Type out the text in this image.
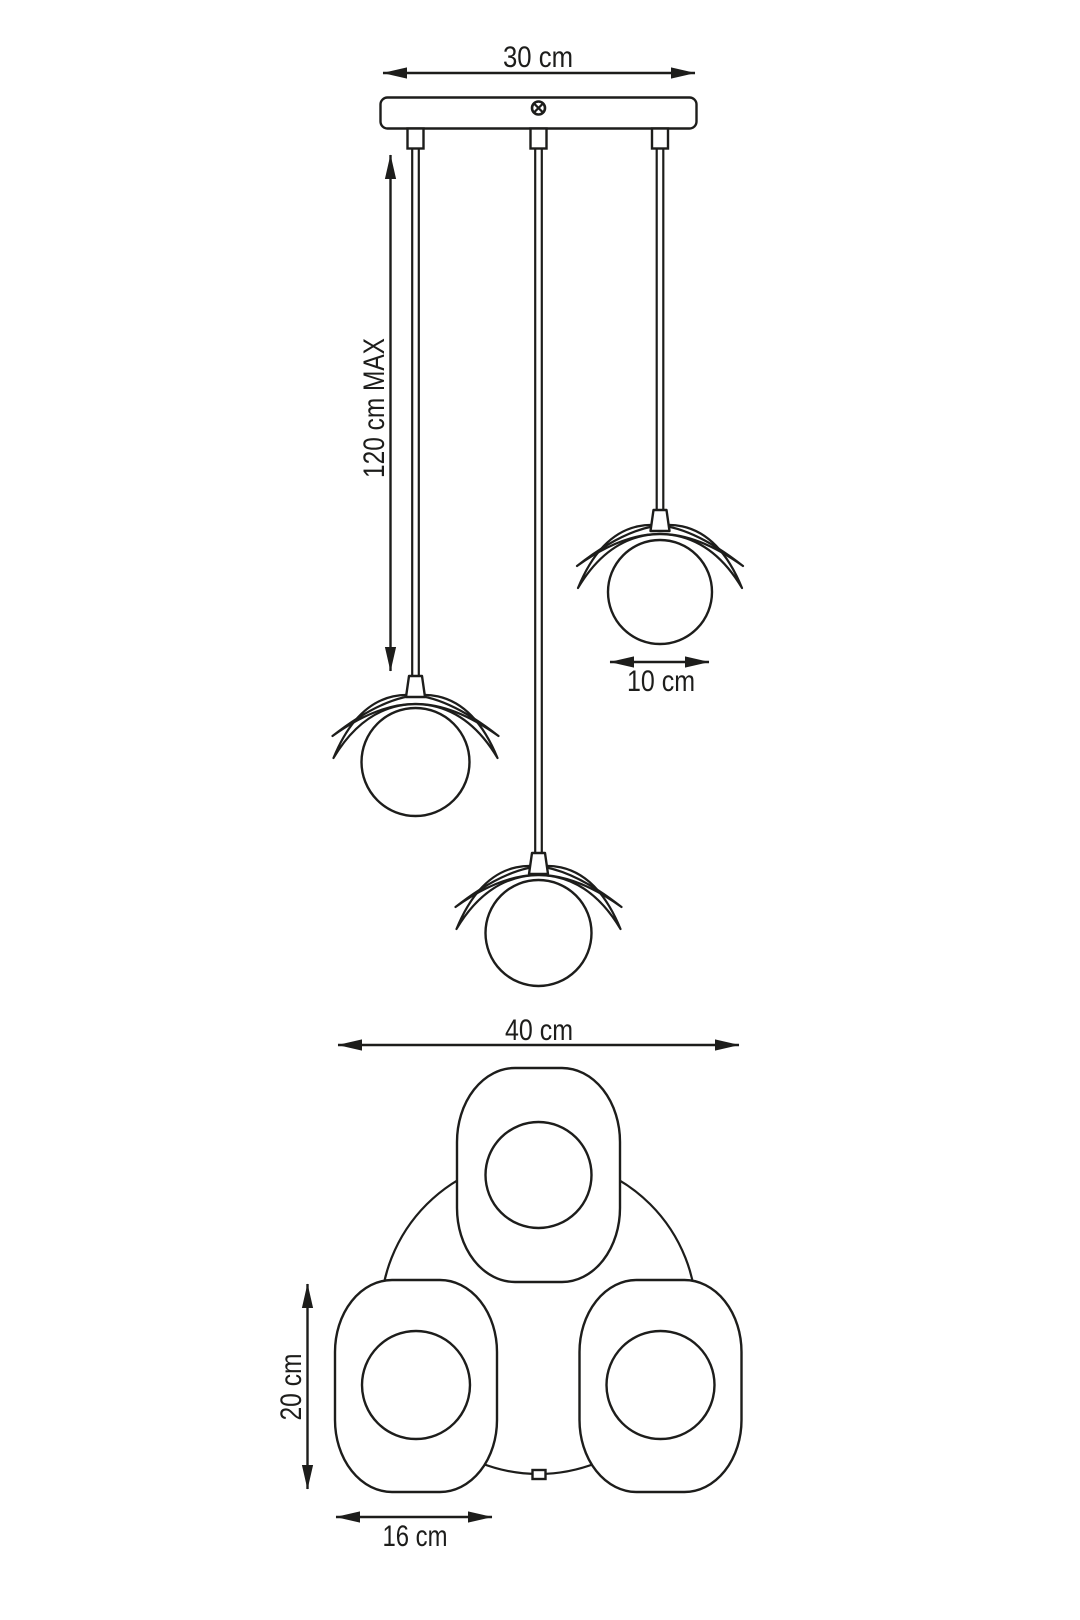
30 cm
120 cm MAX
10 cm
40 cm
20 cm
16 cm
